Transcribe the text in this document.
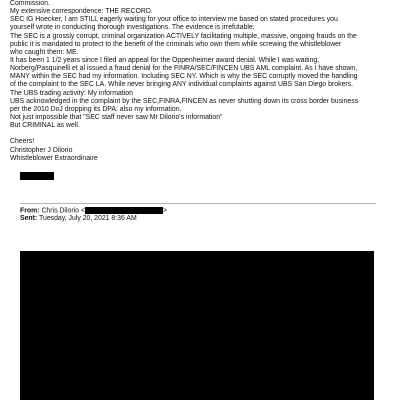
Commission.
My extensive correspondence: THE RECORD.
SEC IG Hoecker, I am STILL eagerly waiting for your office to interview me based on stated procedures you
yourself wrote in conducting thorough investigations. The evidence is irrefutable:
The SEC is a grossly corrupt, criminal organization ACTIVELY facilitating multiple, massive, ongoing frauds on the
public it is mandated to protect to the benefit of the criminals who own them while screwing the whistleblower
who caught them: ME.
It has been 1 1/2 years since I filed an appeal for the Oppenheimer award denial. While I was waiting,
Norberg/Pasquinelli et al issued a fraud denial for the FINRA/SEC/FINCEN UBS AML complaint. As I have shown,
MANY within the SEC had my information. Including SEC NY. Which is why the SEC corruptly moved the handling
of the complaint to the SEC LA. While never bringing ANY individual complaints against UBS San Diego brokers.
The UBS trading activity: My information
UBS acknowledged in the complaint by the SEC,FINRA,FINCEN as never shutting down its cross border business
per the 2010 DoJ dropping its DPA: also my information.
Not just impossible that "SEC staff never saw Mr Dilorio's information"
But CRIMINAL as well.
Cheers!
Christopher J Dilorio
Whistleblower Extraordinaire
From: Chris Dilorio <	>
Sent: Tuesday, July 20, 2021 8:36 AM
